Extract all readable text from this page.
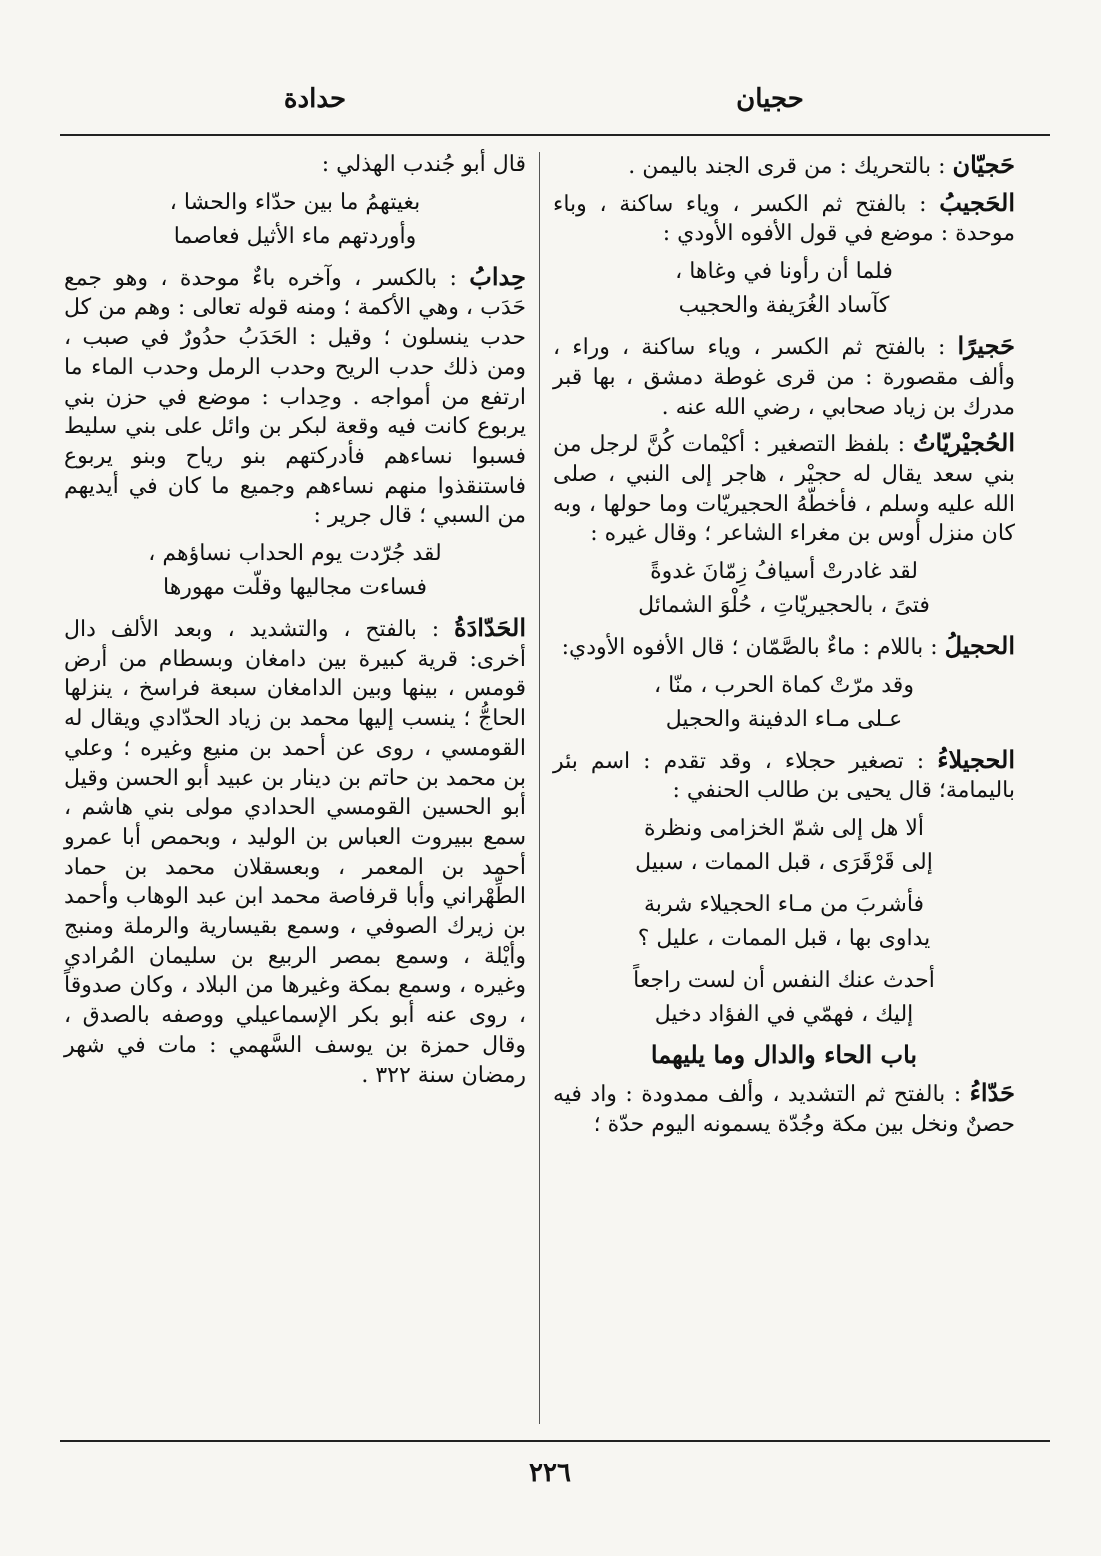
حجيان
حدادة

حَجيّان : بالتحريك : من قرى الجند باليمن .

الحَجيبُ : بالفتح ثم الكسر ، وياء ساكنة ، وباء موحدة : موضع في قول الأفوه الأودي :

فلما أن رأونا في وغاها ،
كآساد الغُرَيفة والحجيب

حَجيرًا : بالفتح ثم الكسر ، وياء ساكنة ، وراء ، وألف مقصورة : من قرى غوطة دمشق ، بها قبر مدرك بن زياد صحابي ، رضي الله عنه .

الحُجيْريّاتُ : بلفظ التصغير : أكيْمات كُنَّ لرجل من بني سعد يقال له حجيْر ، هاجر إلى النبي ، صلى الله عليه وسلم ، فأخطّهُ الحجيريّات وما حولها ، وبه كان منزل أوس بن مغراء الشاعر ؛ وقال غيره :

لقد غادرتْ أسيافُ زِمّانَ غدوةً
فتىً ، بالحجيريّاتِ ، حُلْوَ الشمائل

الحجيلُ : باللام : ماءٌ بالصَّمّان ؛ قال الأفوه الأودي:

وقد مرّتْ كماة الحرب ، منّا ،
عـلى مـاء الدفينة والحجيل

الحجيلاءُ : تصغير حجلاء ، وقد تقدم : اسم بئر باليمامة؛ قال يحيى بن طالب الحنفي :

ألا هل إلى شمّ الخزامى ونظرة
إلى قَرْقَرَى ، قبل الممات ، سبيل
فأشربَ من مـاء الحجيلاء شربة
يداوى بها ، قبل الممات ، عليل ؟
أحدث عنك النفس أن لست راجعاً
إليك ، فهمّي في الفؤاد دخيل
باب الحاء والدال وما يليهما

حَدّاءُ : بالفتح ثم التشديد ، وألف ممدودة : واد فيه حصنٌ ونخل بين مكة وجُدّة يسمونه اليوم حدّة ؛

قال أبو جُندب الهذلي :

بغيتهمُ ما بين حدّاء والحشا ،
وأوردتهم ماء الأثيل فعاصما

حِدابُ : بالكسر ، وآخره باءٌ موحدة ، وهو جمع حَدَب ، وهي الأكمة ؛ ومنه قوله تعالى : وهم من كل حدب ينسلون ؛ وقيل : الحَدَبُ حدُورٌ في صبب ، ومن ذلك حدب الريح وحدب الرمل وحدب الماء ما ارتفع من أمواجه . وحِداب : موضع في حزن بني يربوع كانت فيه وقعة لبكر بن وائل على بني سليط فسبوا نساءهم فأدركتهم بنو رياح وبنو يربوع فاستنقذوا منهم نساءهم وجميع ما كان في أيديهم من السبي ؛ قال جرير :

لقد جُرّدت يوم الحداب نساؤهم ،
فساءت مجاليها وقلّت مهورها

الحَدّادَةُ : بالفتح ، والتشديد ، وبعد الألف دال أخرى: قرية كبيرة بين دامغان وبسطام من أرض قومس ، بينها وبين الدامغان سبعة فراسخ ، ينزلها الحاجُّ ؛ ينسب إليها محمد بن زياد الحدّادي ويقال له القومسي ، روى عن أحمد بن منيع وغيره ؛ وعلي بن محمد بن حاتم بن دينار بن عبيد أبو الحسن وقيل أبو الحسين القومسي الحدادي مولى بني هاشم ، سمع ببيروت العباس بن الوليد ، وبحمص أبا عمرو أحمد بن المعمر ، وبعسقلان محمد بن حماد الطِّهْراني وأبا قرفاصة محمد ابن عبد الوهاب وأحمد بن زيرك الصوفي ، وسمع بقيسارية والرملة ومنبج وأيْلة ، وسمع بمصر الربيع بن سليمان المُرادي وغيره ، وسمع بمكة وغيرها من البلاد ، وكان صدوقاً ، روى عنه أبو بكر الإسماعيلي ووصفه بالصدق ، وقال حمزة بن يوسف السَّهمي : مات في شهر رمضان سنة ٣٢٢ .

٢٢٦
